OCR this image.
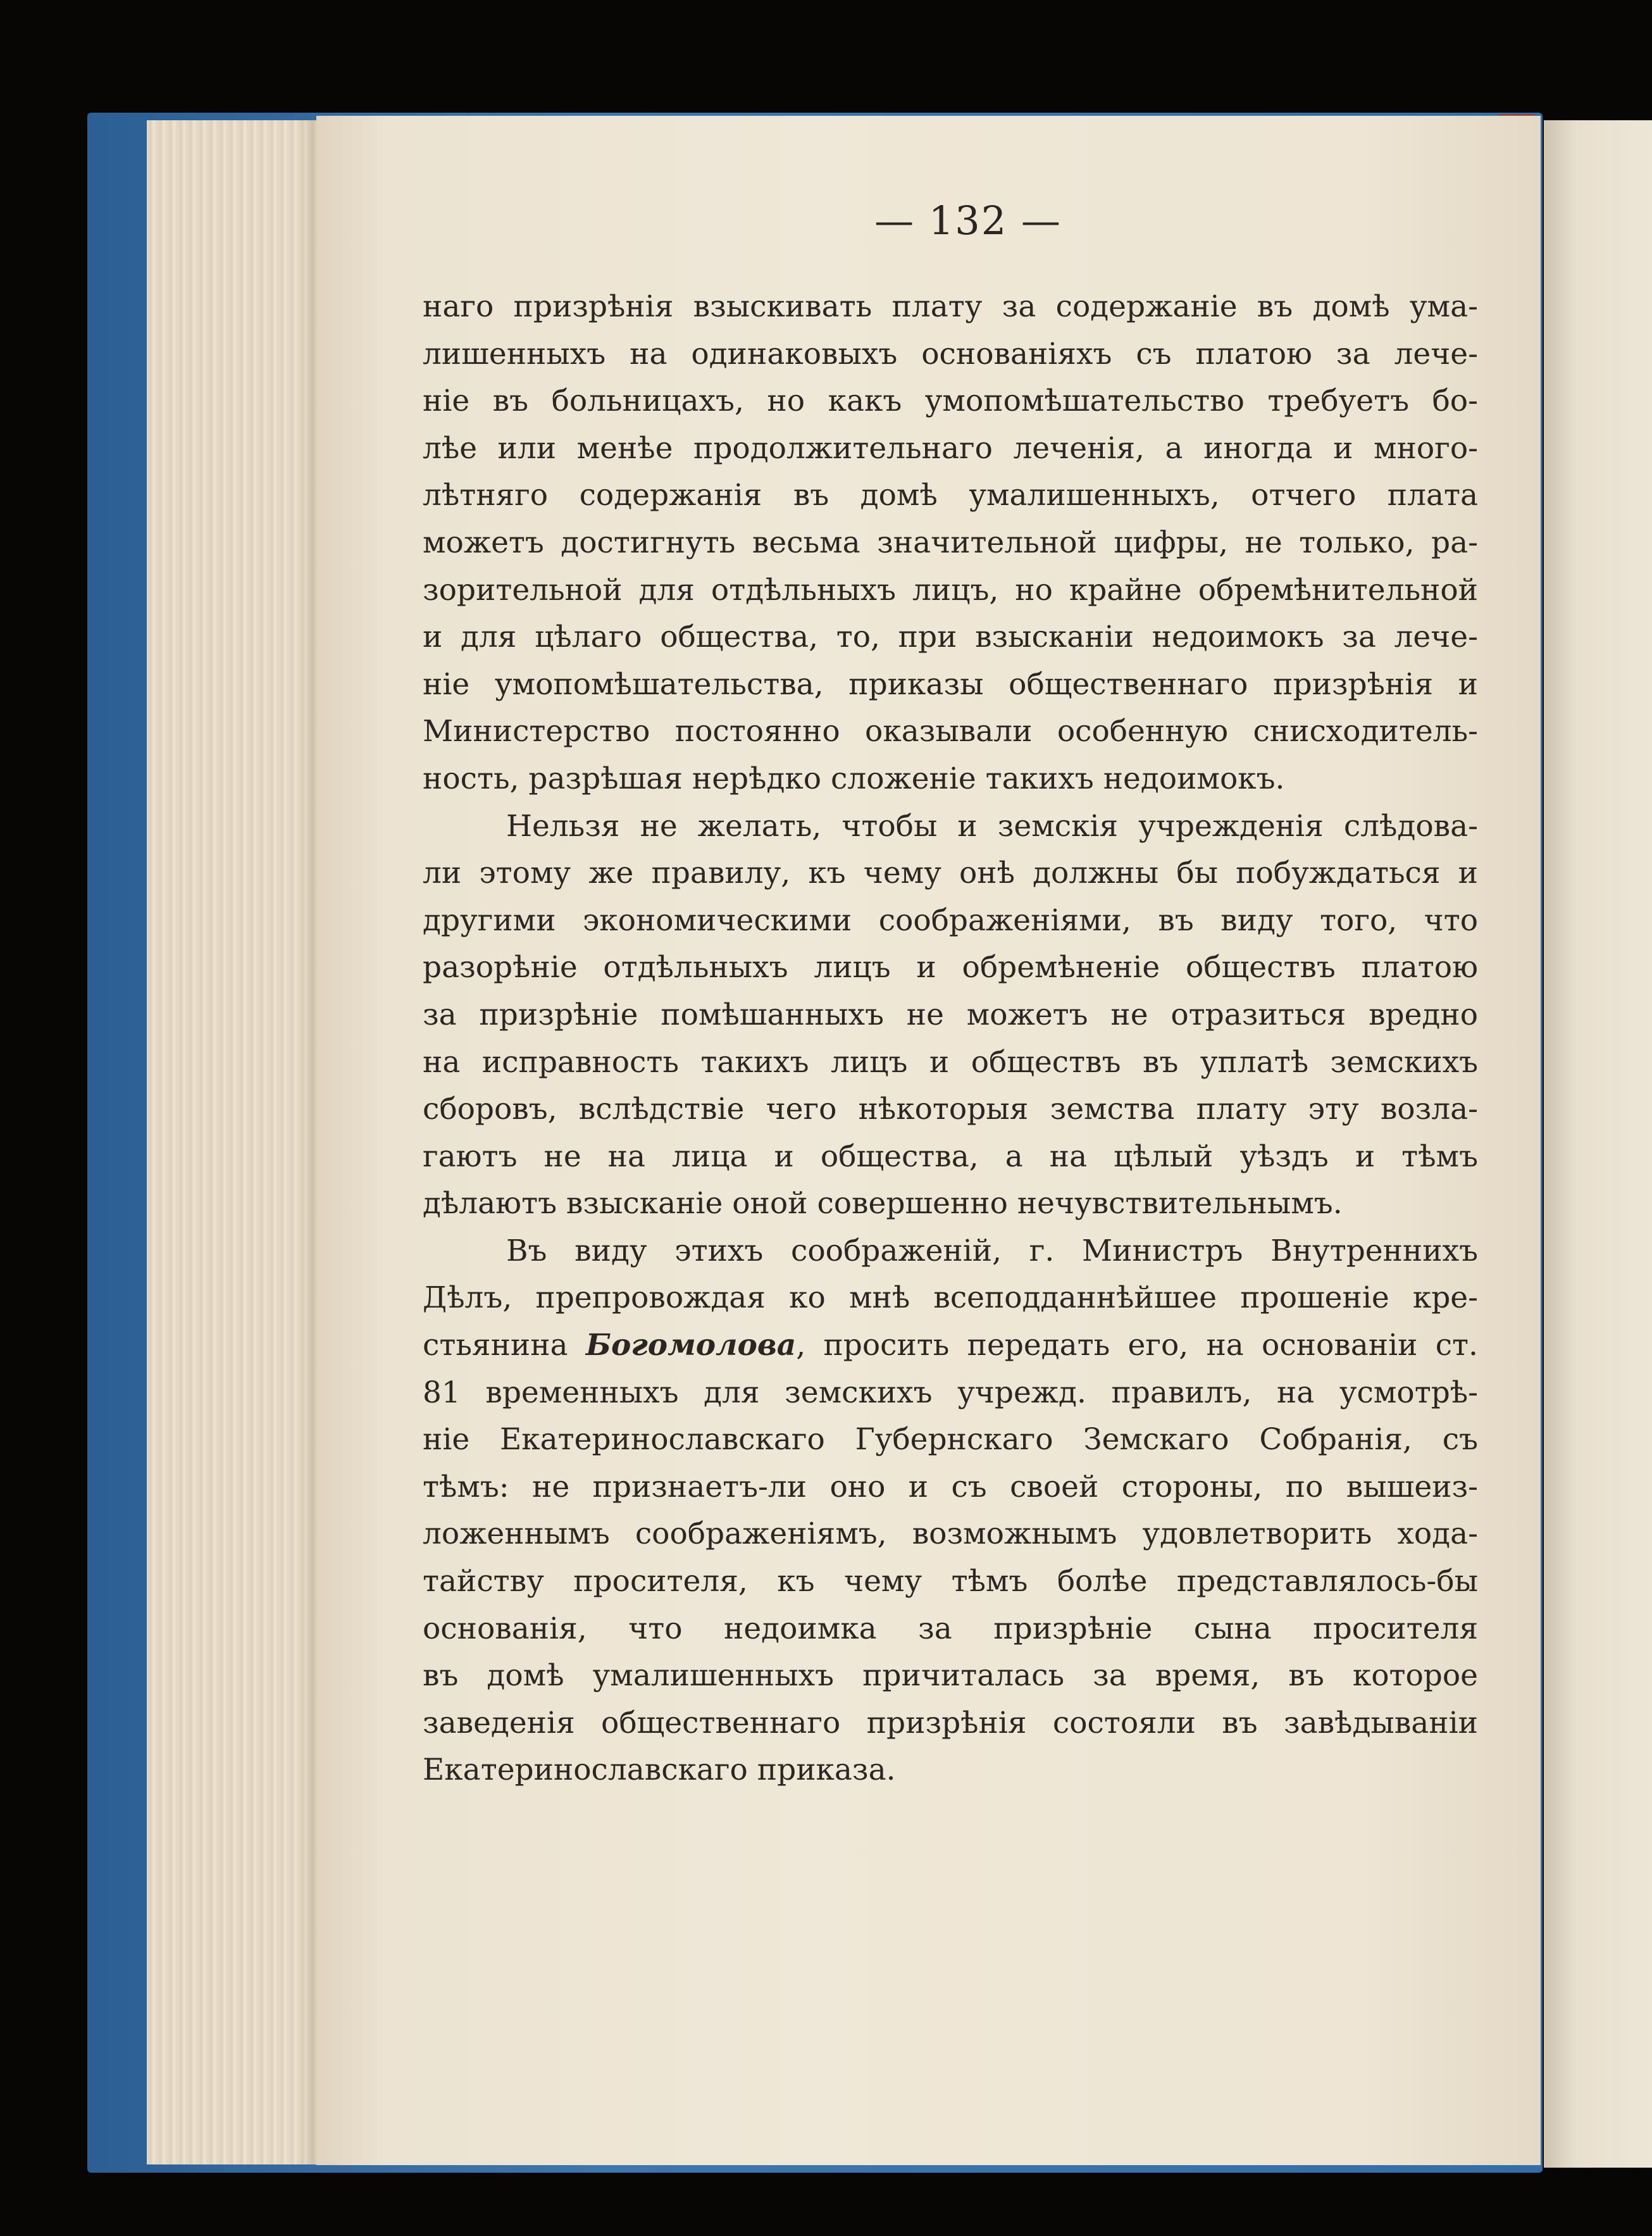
— 132 —
наго призрѣнія взыскивать плату за содержаніе въ домѣ ума-
лишенныхъ на одинаковыхъ основаніяхъ съ платою за лече-
ніе въ больницахъ, но какъ умопомѣшательство требуетъ бо-
лѣе или менѣе продолжительнаго леченія, а иногда и много-
лѣтняго содержанія въ домѣ умалишенныхъ, отчего плата
можетъ достигнуть весьма значительной цифры, не только, ра-
зорительной для отдѣльныхъ лицъ, но крайне обремѣнительной
и для цѣлаго общества, то, при взысканіи недоимокъ за лече-
ніе умопомѣшательства, приказы общественнаго призрѣнія и
Министерство постоянно оказывали особенную снисходитель-
ность, разрѣшая нерѣдко сложеніе такихъ недоимокъ.
Нельзя не желать, чтобы и земскія учрежденія слѣдова-
ли этому же правилу, къ чему онѣ должны бы побуждаться и
другими экономическими соображеніями, въ виду того, что
разорѣніе отдѣльныхъ лицъ и обремѣненіе обществъ платою
за призрѣніе помѣшанныхъ не можетъ не отразиться вредно
на исправность такихъ лицъ и обществъ въ уплатѣ земскихъ
сборовъ, вслѣдствіе чего нѣкоторыя земства плату эту возла-
гаютъ не на лица и общества, а на цѣлый уѣздъ и тѣмъ
дѣлаютъ взысканіе оной совершенно нечувствительнымъ.
Въ виду этихъ соображеній, г. Министръ Внутреннихъ
Дѣлъ, препровождая ко мнѣ всеподданнѣйшее прошеніе кре-
стьянина Богомолова, просить передать его, на основаніи ст.
81 временныхъ для земскихъ учрежд. правилъ, на усмотрѣ-
ніе Екатеринославскаго Губернскаго Земскаго Собранія, съ
тѣмъ: не признаетъ-ли оно и съ своей стороны, по вышеиз-
ложеннымъ соображеніямъ, возможнымъ удовлетворить хода-
тайству просителя, къ чему тѣмъ болѣе представлялось-бы
основанія, что недоимка за призрѣніе сына просителя
въ домѣ умалишенныхъ причиталась за время, въ которое
заведенія общественнаго призрѣнія состояли въ завѣдываніи
Екатеринославскаго приказа.
